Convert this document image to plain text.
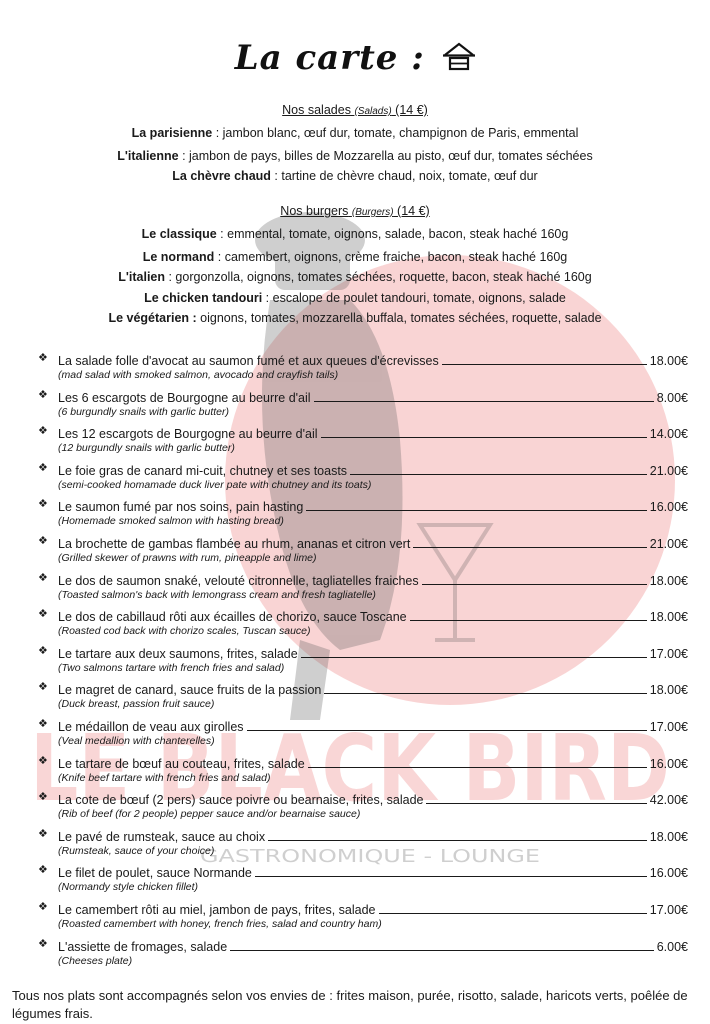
LE BLACK BIRD
GASTRONOMIQUE - LOUNGE
La carte :
Nos salades (Salads) (14 €)
La parisienne : jambon blanc, œuf dur, tomate, champignon de Paris, emmental
L'italienne : jambon de pays, billes de Mozzarella au pisto, œuf dur, tomates séchées
La chèvre chaud : tartine de chèvre chaud, noix, tomate, œuf dur
Nos burgers (Burgers) (14 €)
Le classique : emmental, tomate, oignons, salade, bacon, steak haché 160g
Le normand : camembert, oignons, crème fraiche, bacon, steak haché 160g
L'italien : gorgonzolla, oignons, tomates séchées, roquette, bacon, steak haché 160g
Le chicken tandouri : escalope de poulet tandouri, tomate, oignons, salade
Le végétarien : oignons, tomates, mozzarella buffala, tomates séchées, roquette, salade
❖ La salade folle d'avocat au saumon fumé et aux queues d'écrevisses	18.00€
(mad salad with smoked salmon, avocado and crayfish tails)
❖ Les 6 escargots de Bourgogne au beurre d'ail	8.00€
(6 burgundly snails with garlic butter)
❖ Les 12 escargots de Bourgogne au beurre d'ail	14.00€
(12 burgundly snails with garlic butter)
❖ Le foie gras de canard mi-cuit, chutney et ses toasts	21.00€
(semi-cooked homamade duck liver pate with chutney and its toats)
❖ Le saumon fumé par nos soins, pain hasting	16.00€
(Homemade smoked salmon with hasting bread)
❖ La brochette de gambas flambée au rhum, ananas et citron vert	21.00€
(Grilled skewer of prawns with rum, pineapple and lime)
❖ Le dos de saumon snaké, velouté citronnelle, tagliatelles fraiches	18.00€
(Toasted salmon's back with lemongrass cream and fresh tagliatelle)
❖ Le dos de cabillaud rôti aux écailles de chorizo, sauce Toscane	18.00€
(Roasted cod back with chorizo scales, Tuscan sauce)
❖ Le tartare aux deux saumons, frites, salade	17.00€
(Two salmons tartare with french fries and salad)
❖ Le magret de canard, sauce fruits de la passion	18.00€
(Duck breast, passion fruit sauce)
❖ Le médaillon de veau aux girolles	17.00€
(Veal medallion with chanterelles)
❖ Le tartare de bœuf au couteau, frites, salade	16.00€
(Knife beef tartare with french fries and salad)
❖ La cote de bœuf (2 pers) sauce poivre ou bearnaise, frites, salade	42.00€
(Rib of beef (for 2 people) pepper sauce and/or bearnaise sauce)
❖ Le pavé de rumsteak, sauce au choix	18.00€
(Rumsteak, sauce of your choice)
❖ Le filet de poulet, sauce Normande	16.00€
(Normandy style chicken fillet)
❖ Le camembert rôti au miel, jambon de pays, frites, salade	17.00€
(Roasted camembert with honey, french fries, salad and country ham)
❖ L'assiette de fromages, salade	6.00€
(Cheeses plate)
Tous nos plats sont accompagnés selon vos envies de : frites maison, purée, risotto, salade, haricots verts, poêlée de légumes frais.
